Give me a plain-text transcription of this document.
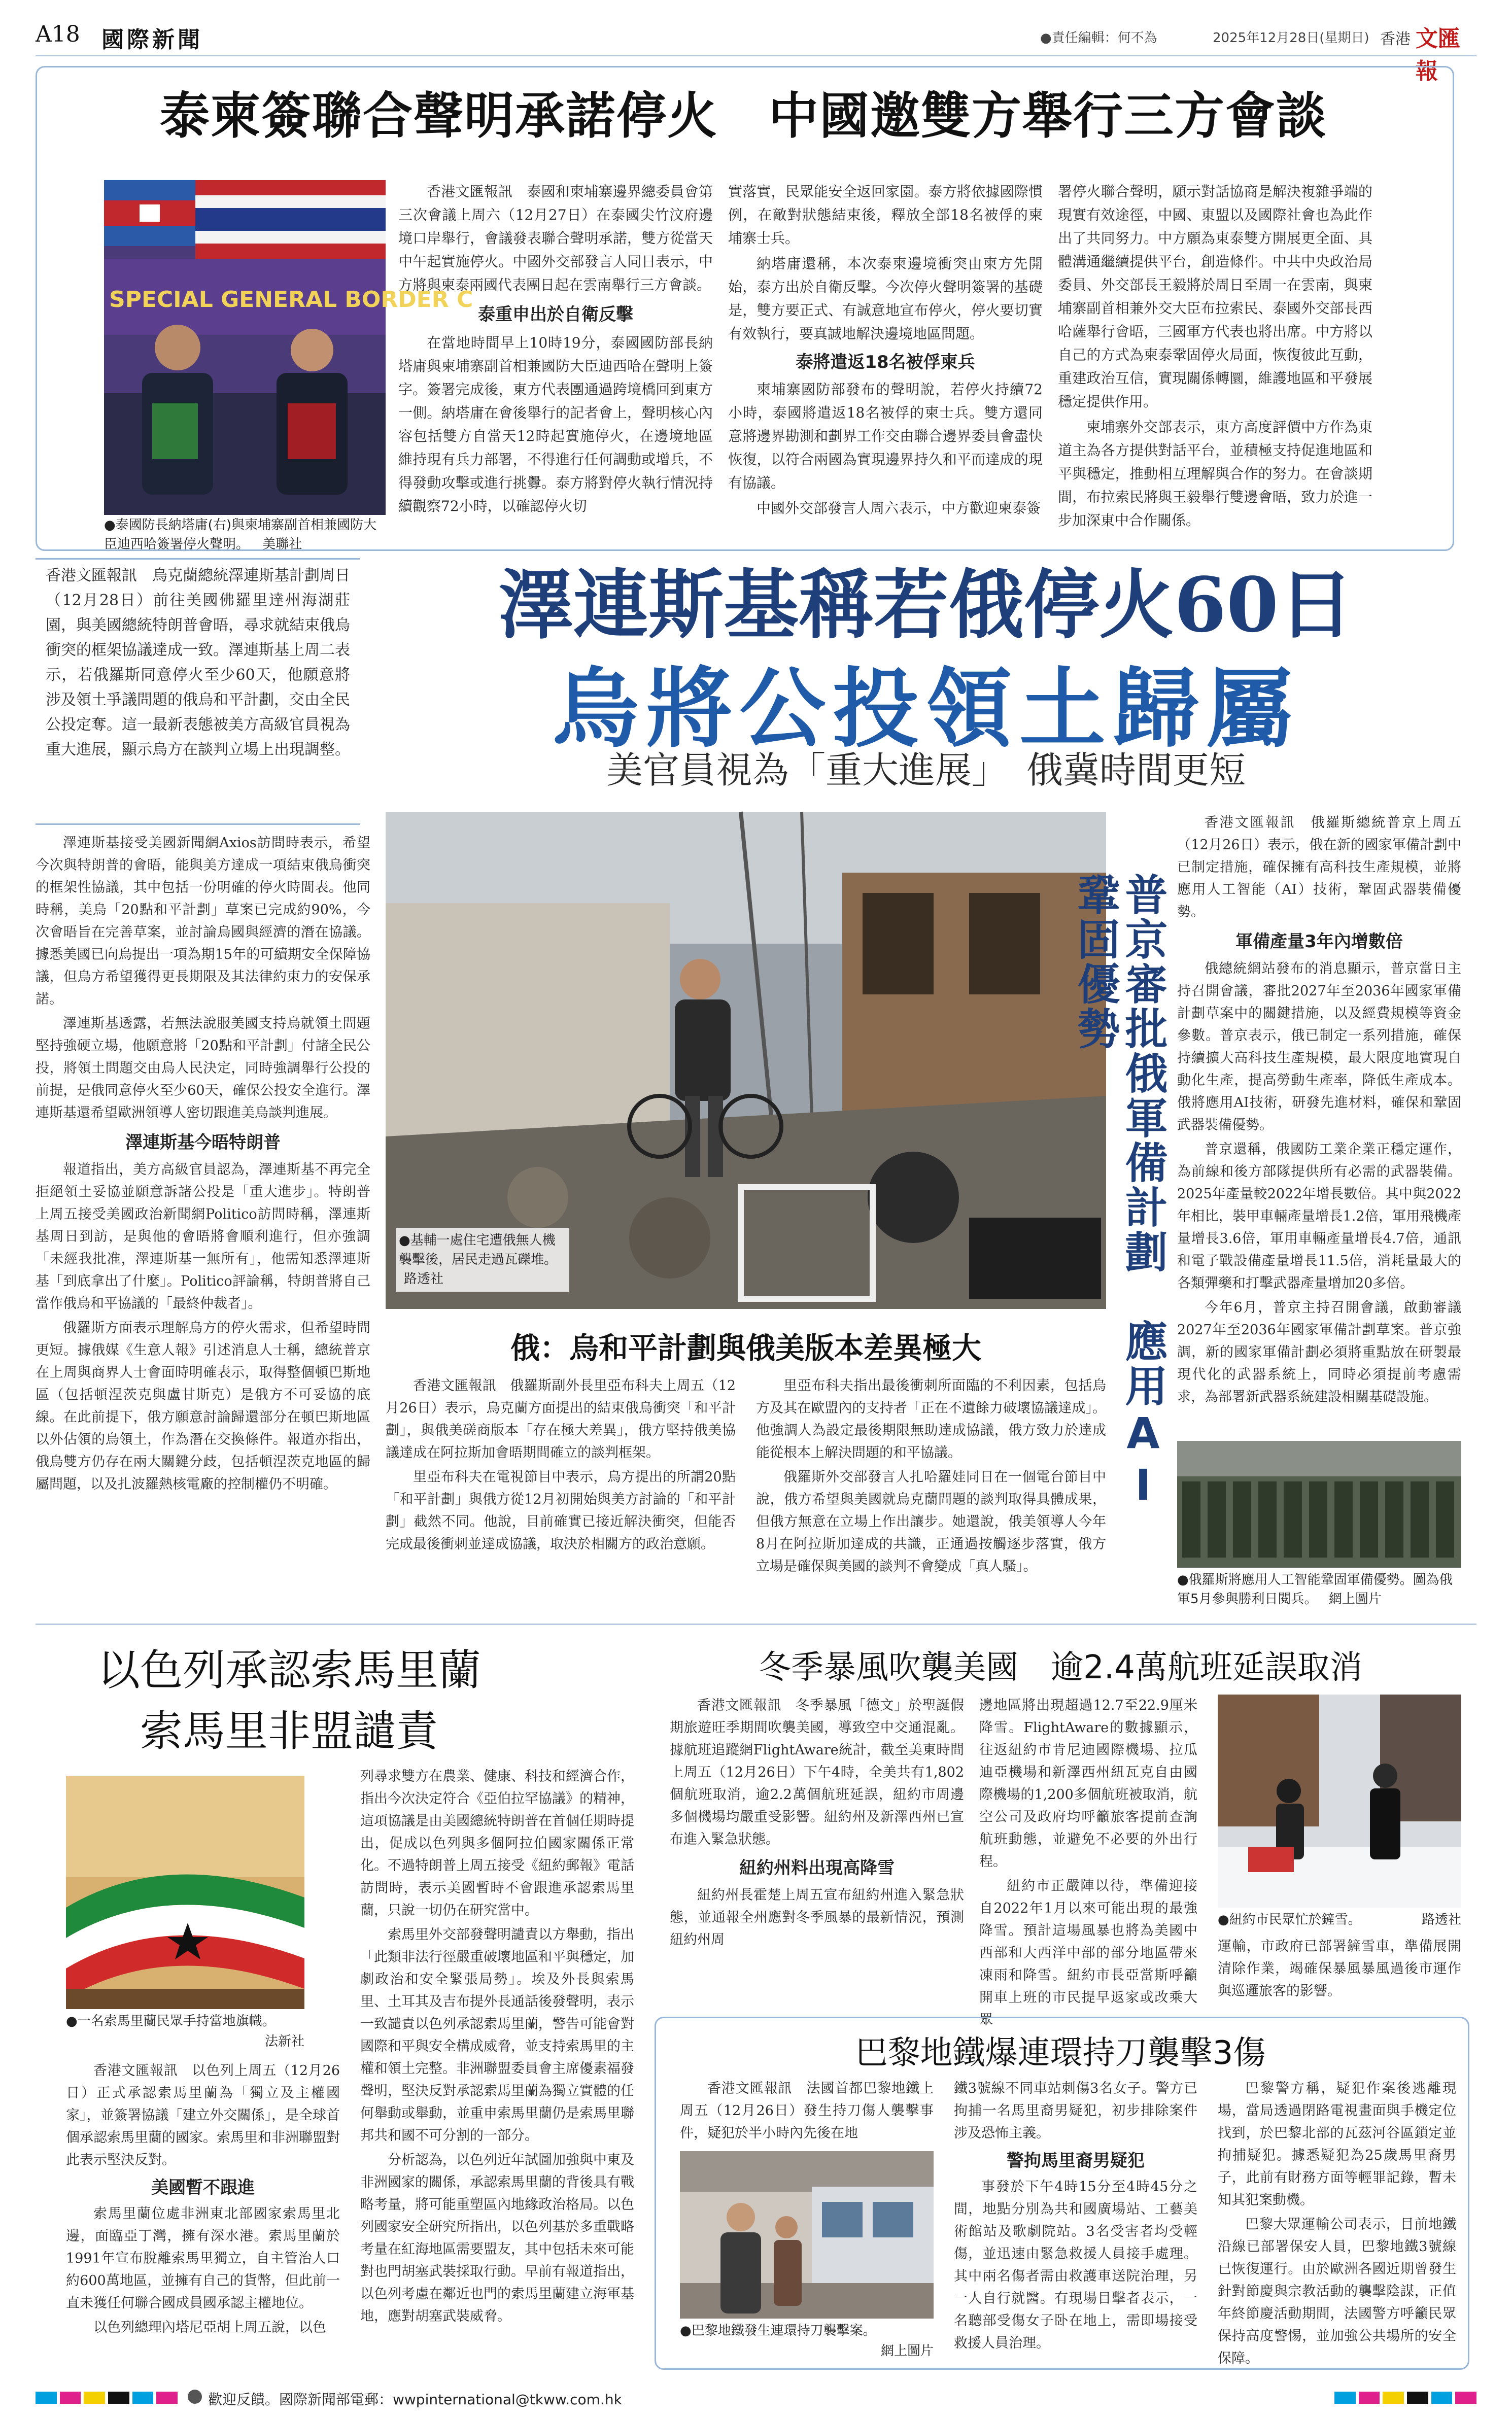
A18 國際新聞	●責任編輯：何不為	2025年12月28日(星期日) 香港 文匯報
泰柬簽聯合聲明承諾停火　中國邀雙方舉行三方會談
SPECIAL GENERAL BORDER C
●泰國防長納塔庸(右)與柬埔寨副首相兼國防大臣迪西哈簽署停火聲明。 美聯社

香港文匯報訊　泰國和柬埔寨邊界總委員會第三次會議上周六（12月27日）在泰國尖竹汶府邊境口岸舉行，會議發表聯合聲明承諾，雙方從當天中午起實施停火。中國外交部發言人同日表示，中方將與柬泰兩國代表團日起在雲南舉行三方會談。

泰重申出於自衛反擊

在當地時間早上10時19分，泰國國防部長納塔庸與柬埔寨副首相兼國防大臣迪西哈在聲明上簽字。簽署完成後，東方代表團通過跨境橋回到東方一側。納塔庸在會後舉行的記者會上，聲明核心內容包括雙方自當天12時起實施停火，在邊境地區維持現有兵力部署，不得進行任何調動或增兵，不得發動攻擊或進行挑釁。泰方將對停火執行情況持續觀察72小時，以確認停火切

實落實，民眾能安全返回家園。泰方將依據國際慣例，在敵對狀態結束後，釋放全部18名被俘的柬埔寨士兵。

納塔庸還稱，本次泰柬邊境衝突由柬方先開始，泰方出於自衛反擊。今次停火聲明簽署的基礎是，雙方要正式、有誠意地宣布停火，停火要切實有效執行，要真誠地解決邊境地區問題。

泰將遣返18名被俘柬兵

柬埔寨國防部發布的聲明說，若停火持續72小時，泰國將遣返18名被俘的柬士兵。雙方還同意將邊界勘測和劃界工作交由聯合邊界委員會盡快恢復，以符合兩國為實現邊界持久和平而達成的現有協議。

中國外交部發言人周六表示，中方歡迎柬泰簽

署停火聯合聲明，願示對話協商是解決複雜爭端的現實有效途徑，中國、東盟以及國際社會也為此作出了共同努力。中方願為東泰雙方開展更全面、具體溝通繼續提供平台，創造條件。中共中央政治局委員、外交部長王毅將於周日至周一在雲南，與柬埔寨副首相兼外交大臣布拉索民、泰國外交部長西哈薩舉行會晤，三國軍方代表也將出席。中方將以自己的方式為柬泰鞏固停火局面，恢復彼此互動，重建政治互信，實現關係轉圜，維護地區和平發展穩定提供作用。

柬埔寨外交部表示，東方高度評價中方作為東道主為各方提供對話平台，並積極支持促進地區和平與穩定，推動相互理解與合作的努力。在會談期間，布拉索民將與王毅舉行雙邊會晤，致力於進一步加深東中合作關係。

香港文匯報訊　烏克蘭總統澤連斯基計劃周日（12月28日）前往美國佛羅里達州海湖莊園，與美國總統特朗普會晤，尋求就結束俄烏衝突的框架協議達成一致。澤連斯基上周二表示，若俄羅斯同意停火至少60天，他願意將涉及領土爭議問題的俄烏和平計劃，交由全民公投定奪。這一最新表態被美方高級官員視為重大進展，顯示烏方在談判立場上出現調整。
澤連斯基稱若俄停火60日
烏將公投領土歸屬
美官員視為「重大進展」　俄冀時間更短

澤連斯基接受美國新聞網Axios訪問時表示，希望今次與特朗普的會晤，能與美方達成一項結束俄烏衝突的框架性協議，其中包括一份明確的停火時間表。他同時稱，美烏「20點和平計劃」草案已完成約90%，今次會晤旨在完善草案，並討論烏國與經濟的潛在協議。據悉美國已向烏提出一項為期15年的可續期安全保障協議，但烏方希望獲得更長期限及其法律約束力的安保承諾。

澤連斯基透露，若無法說服美國支持烏就領土問題堅持強硬立場，他願意將「20點和平計劃」付諸全民公投，將領土問題交由烏人民決定，同時強調舉行公投的前提，是俄同意停火至少60天，確保公投安全進行。澤連斯基還希望歐洲領導人密切跟進美烏談判進展。

澤連斯基今晤特朗普

報道指出，美方高級官員認為，澤連斯基不再完全拒絕領土妥協並願意訴諸公投是「重大進步」。特朗普上周五接受美國政治新聞網Politico訪問時稱，澤連斯基周日到訪，是與他的會晤將會順利進行，但亦強調「未經我批准，澤連斯基一無所有」，他需知悉澤連斯基「到底拿出了什麼」。Politico評論稱，特朗普將自己當作俄烏和平協議的「最終仲裁者」。

俄羅斯方面表示理解烏方的停火需求，但希望時間更短。據俄媒《生意人報》引述消息人士稱，總統普京在上周與商界人士會面時明確表示，取得整個頓巴斯地區（包括頓涅茨克與盧甘斯克）是俄方不可妥協的底線。在此前提下，俄方願意討論歸還部分在頓巴斯地區以外佔領的烏領土，作為潛在交換條件。報道亦指出，俄烏雙方仍存在兩大關鍵分歧，包括頓涅茨克地區的歸屬問題，以及扎波羅熱核電廠的控制權仍不明確。

●基輔一處住宅遭俄無人機襲擊後，居民走過瓦礫堆。 路透社
俄：烏和平計劃與俄美版本差異極大

香港文匯報訊　俄羅斯副外長里亞布科夫上周五（12月26日）表示，烏克蘭方面提出的結束俄烏衝突「和平計劃」，與俄美磋商版本「存在極大差異」，俄方堅持俄美協議達成在阿拉斯加會晤期間確立的談判框架。

里亞布科夫在電視節目中表示，烏方提出的所謂20點「和平計劃」與俄方從12月初開始與美方討論的「和平計劃」截然不同。他說，目前確實已接近解決衝突，但能否完成最後衝刺並達成協議，取決於相關方的政治意願。

里亞布科夫指出最後衝刺所面臨的不利因素，包括烏方及其在歐盟內的支持者「正在不遺餘力破壞協議達成」。他強調人為設定最後期限無助達成協議，俄方致力於達成能從根本上解決問題的和平協議。

俄羅斯外交部發言人扎哈羅娃同日在一個電台節目中說，俄方希望與美國就烏克蘭問題的談判取得具體成果，但俄方無意在立場上作出讓步。她還說，俄美領導人今年8月在阿拉斯加達成的共識，正通過按觸逐步落實，俄方立場是確保與美國的談判不會變成「真人騷」。

普京審批俄軍備計劃　應用AI鞏固優勢

香港文匯報訊　俄羅斯總統普京上周五（12月26日）表示，俄在新的國家軍備計劃中已制定措施，確保擁有高科技生產規模，並將應用人工智能（AI）技術，鞏固武器裝備優勢。

軍備產量3年內增數倍

俄總統網站發布的消息顯示，普京當日主持召開會議，審批2027年至2036年國家軍備計劃草案中的關鍵措施，以及經費規模等資金參數。普京表示，俄已制定一系列措施，確保持續擴大高科技生產規模，最大限度地實現自動化生產，提高勞動生產率，降低生產成本。俄將應用AI技術，研發先進材料，確保和鞏固武器裝備優勢。

普京還稱，俄國防工業企業正穩定運作，為前線和後方部隊提供所有必需的武器裝備。2025年產量較2022年增長數倍。其中與2022年相比，裝甲車輛產量增長1.2倍，軍用飛機產量增長3.6倍，軍用車輛產量增長4.7倍，通訊和電子戰設備產量增長11.5倍，消耗量最大的各類彈藥和打擊武器產量增加20多倍。

今年6月，普京主持召開會議，啟動審議2027年至2036年國家軍備計劃草案。普京強調，新的國家軍備計劃必須將重點放在研製最現代化的武器系統上，同時必須提前考慮需求，為部署新武器系統建設相關基礎設施。

●俄羅斯將應用人工智能鞏固軍備優勢。圖為俄軍5月參與勝利日閱兵。 網上圖片
以色列承認索馬里蘭
索馬里非盟譴責
●一名索馬里蘭民眾手持當地旗幟。
法新社

香港文匯報訊　以色列上周五（12月26日）正式承認索馬里蘭為「獨立及主權國家」，並簽署協議「建立外交關係」，是全球首個承認索馬里蘭的國家。索馬里和非洲聯盟對此表示堅決反對。

美國暫不跟進

索馬里蘭位處非洲東北部國家索馬里北邊，面臨亞丁灣，擁有深水港。索馬里蘭於1991年宣布脫離索馬里獨立，自主管治人口約600萬地區，並擁有自己的貨幣，但此前一直未獲任何聯合國成員國承認主權地位。

以色列總理內塔尼亞胡上周五說，以色

列尋求雙方在農業、健康、科技和經濟合作，指出今次決定符合《亞伯拉罕協議》的精神，這項協議是由美國總統特朗普在首個任期時提出，促成以色列與多個阿拉伯國家關係正常化。不過特朗普上周五接受《紐約郵報》電話訪問時，表示美國暫時不會跟進承認索馬里蘭，只說一切仍在研究當中。

索馬里外交部發聲明譴責以方舉動，指出「此類非法行徑嚴重破壞地區和平與穩定，加劇政治和安全緊張局勢」。埃及外長與索馬里、土耳其及吉布提外長通話後發聲明，表示一致譴責以色列承認索馬里蘭，警告可能會對國際和平與安全構成威脅，並支持索馬里的主權和領土完整。非洲聯盟委員會主席優素福發聲明，堅決反對承認索馬里蘭為獨立實體的任何舉動或舉動，並重申索馬里蘭仍是索馬里聯邦共和國不可分割的一部分。

分析認為，以色列近年試圖加強與中東及非洲國家的關係，承認索馬里蘭的背後具有戰略考量，將可能重塑區內地緣政治格局。以色列國家安全研究所指出，以色列基於多重戰略考量在紅海地區需要盟友，其中包括未來可能對也門胡塞武裝採取行動。早前有報道指出，以色列考慮在鄰近也門的索馬里蘭建立海軍基地，應對胡塞武裝威脅。

冬季暴風吹襲美國　逾2.4萬航班延誤取消

香港文匯報訊　冬季暴風「德文」於聖誕假期旅遊旺季期間吹襲美國，導致空中交通混亂。據航班追蹤網FlightAware統計，截至美東時間上周五（12月26日）下午4時，全美共有1,802個航班取消，逾2.2萬個航班延誤，紐約市周邊多個機場均嚴重受影響。紐約州及新澤西州已宣布進入緊急狀態。

紐約州料出現高降雪

紐約州長霍楚上周五宣布紐約州進入緊急狀態，並通報全州應對冬季風暴的最新情況，預測紐約州周

邊地區將出現超過12.7至22.9厘米降雪。FlightAware的數據顯示，往返紐約市肯尼迪國際機場、拉瓜迪亞機場和新澤西州紐瓦克自由國際機場的1,200多個航班被取消，航空公司及政府均呼籲旅客提前查詢航班動態，並避免不必要的外出行程。

紐約市正嚴陣以待，準備迎接自2022年1月以來可能出現的最強降雪。預計這場風暴也將為美國中西部和大西洋中部的部分地區帶來凍雨和降雪。紐約市長亞當斯呼籲開車上班的市民提早返家或改乘大眾

●紐約市民眾忙於鏟雪。	路透社

運輸，市政府已部署鏟雪車，準備展開清除作業，竭確保暴風暴風過後市運作與巡邏旅客的影響。

巴黎地鐵爆連環持刀襲擊3傷

香港文匯報訊　法國首都巴黎地鐵上周五（12月26日）發生持刀傷人襲擊事件，疑犯於半小時內先後在地

●巴黎地鐵發生連環持刀襲擊案。
網上圖片

鐵3號線不同車站刺傷3名女子。警方已拘捕一名馬里裔男疑犯，初步排除案件涉及恐怖主義。

警拘馬里裔男疑犯

事發於下午4時15分至4時45分之間，地點分別為共和國廣場站、工藝美術館站及歌劇院站。3名受害者均受輕傷，並迅速由緊急救援人員接手處理。其中兩名傷者需由救護車送院治理，另一人自行就醫。有現場目擊者表示，一名聽部受傷女子卧在地上，需即場接受救援人員治理。

巴黎警方稱，疑犯作案後逃離現場，當局透過閉路電視畫面與手機定位找到，於巴黎北部的瓦茲河谷區鎖定並拘捕疑犯。據悉疑犯為25歲馬里裔男子，此前有財務方面等輕罪記錄，暫未知其犯案動機。

巴黎大眾運輸公司表示，目前地鐵沿線已部署保安人員，巴黎地鐵3號線已恢復運行。由於歐洲各國近期曾發生針對節慶與宗教活動的襲擊陰謀，正值年終節慶活動期間，法國警方呼籲民眾保持高度警惕，並加強公共場所的安全保障。

歡迎反饋。國際新聞部電郵：wwpinternational@tkww.com.hk
